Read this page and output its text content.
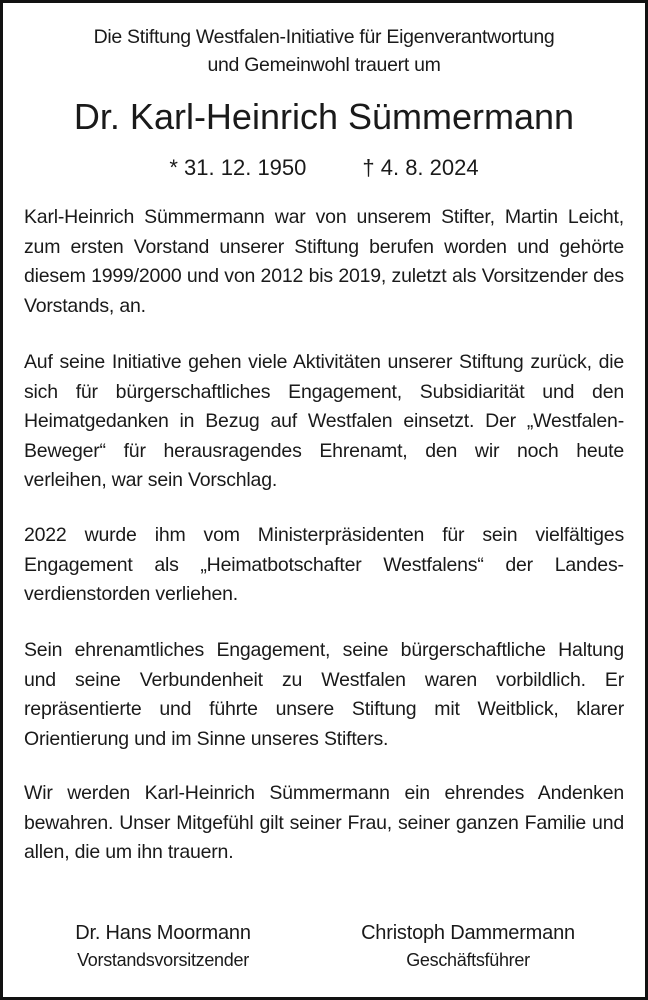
Die Stiftung Westfalen-Initiative für Eigenverantwortung
und Gemeinwohl trauert um
Dr. Karl-Heinrich Sümmermann
* 31. 12. 1950	† 4. 8. 2024

Karl-Heinrich Sümmermann war von unserem Stifter, Martin Leicht, zum ersten Vorstand unserer Stiftung berufen worden und gehörte diesem 1999/2000 und von 2012 bis 2019, zuletzt als Vorsitzender des Vorstands, an.

Auf seine Initiative gehen viele Aktivitäten unserer Stiftung zurück, die sich für bürgerschaftliches Engagement, Subsidiarität und den Heimatgedanken in Bezug auf Westfalen einsetzt. Der „Westfalen-Beweger“ für herausragendes Ehrenamt, den wir noch heute verleihen, war sein Vorschlag.

2022 wurde ihm vom Ministerpräsidenten für sein vielfältiges Engagement als „Heimatbotschafter Westfalens“ der Landesverdienstorden verliehen.

Sein ehrenamtliches Engagement, seine bürgerschaftliche Haltung und seine Verbundenheit zu Westfalen waren vorbildlich. Er repräsentierte und führte unsere Stiftung mit Weitblick, klarer Orientierung und im Sinne unseres Stifters.

Wir werden Karl-Heinrich Sümmermann ein ehrendes Andenken bewahren. Unser Mitgefühl gilt seiner Frau, seiner ganzen Familie und allen, die um ihn trauern.

Dr. Hans Moormann
Vorstandsvorsitzender
Christoph Dammermann
Geschäftsführer
